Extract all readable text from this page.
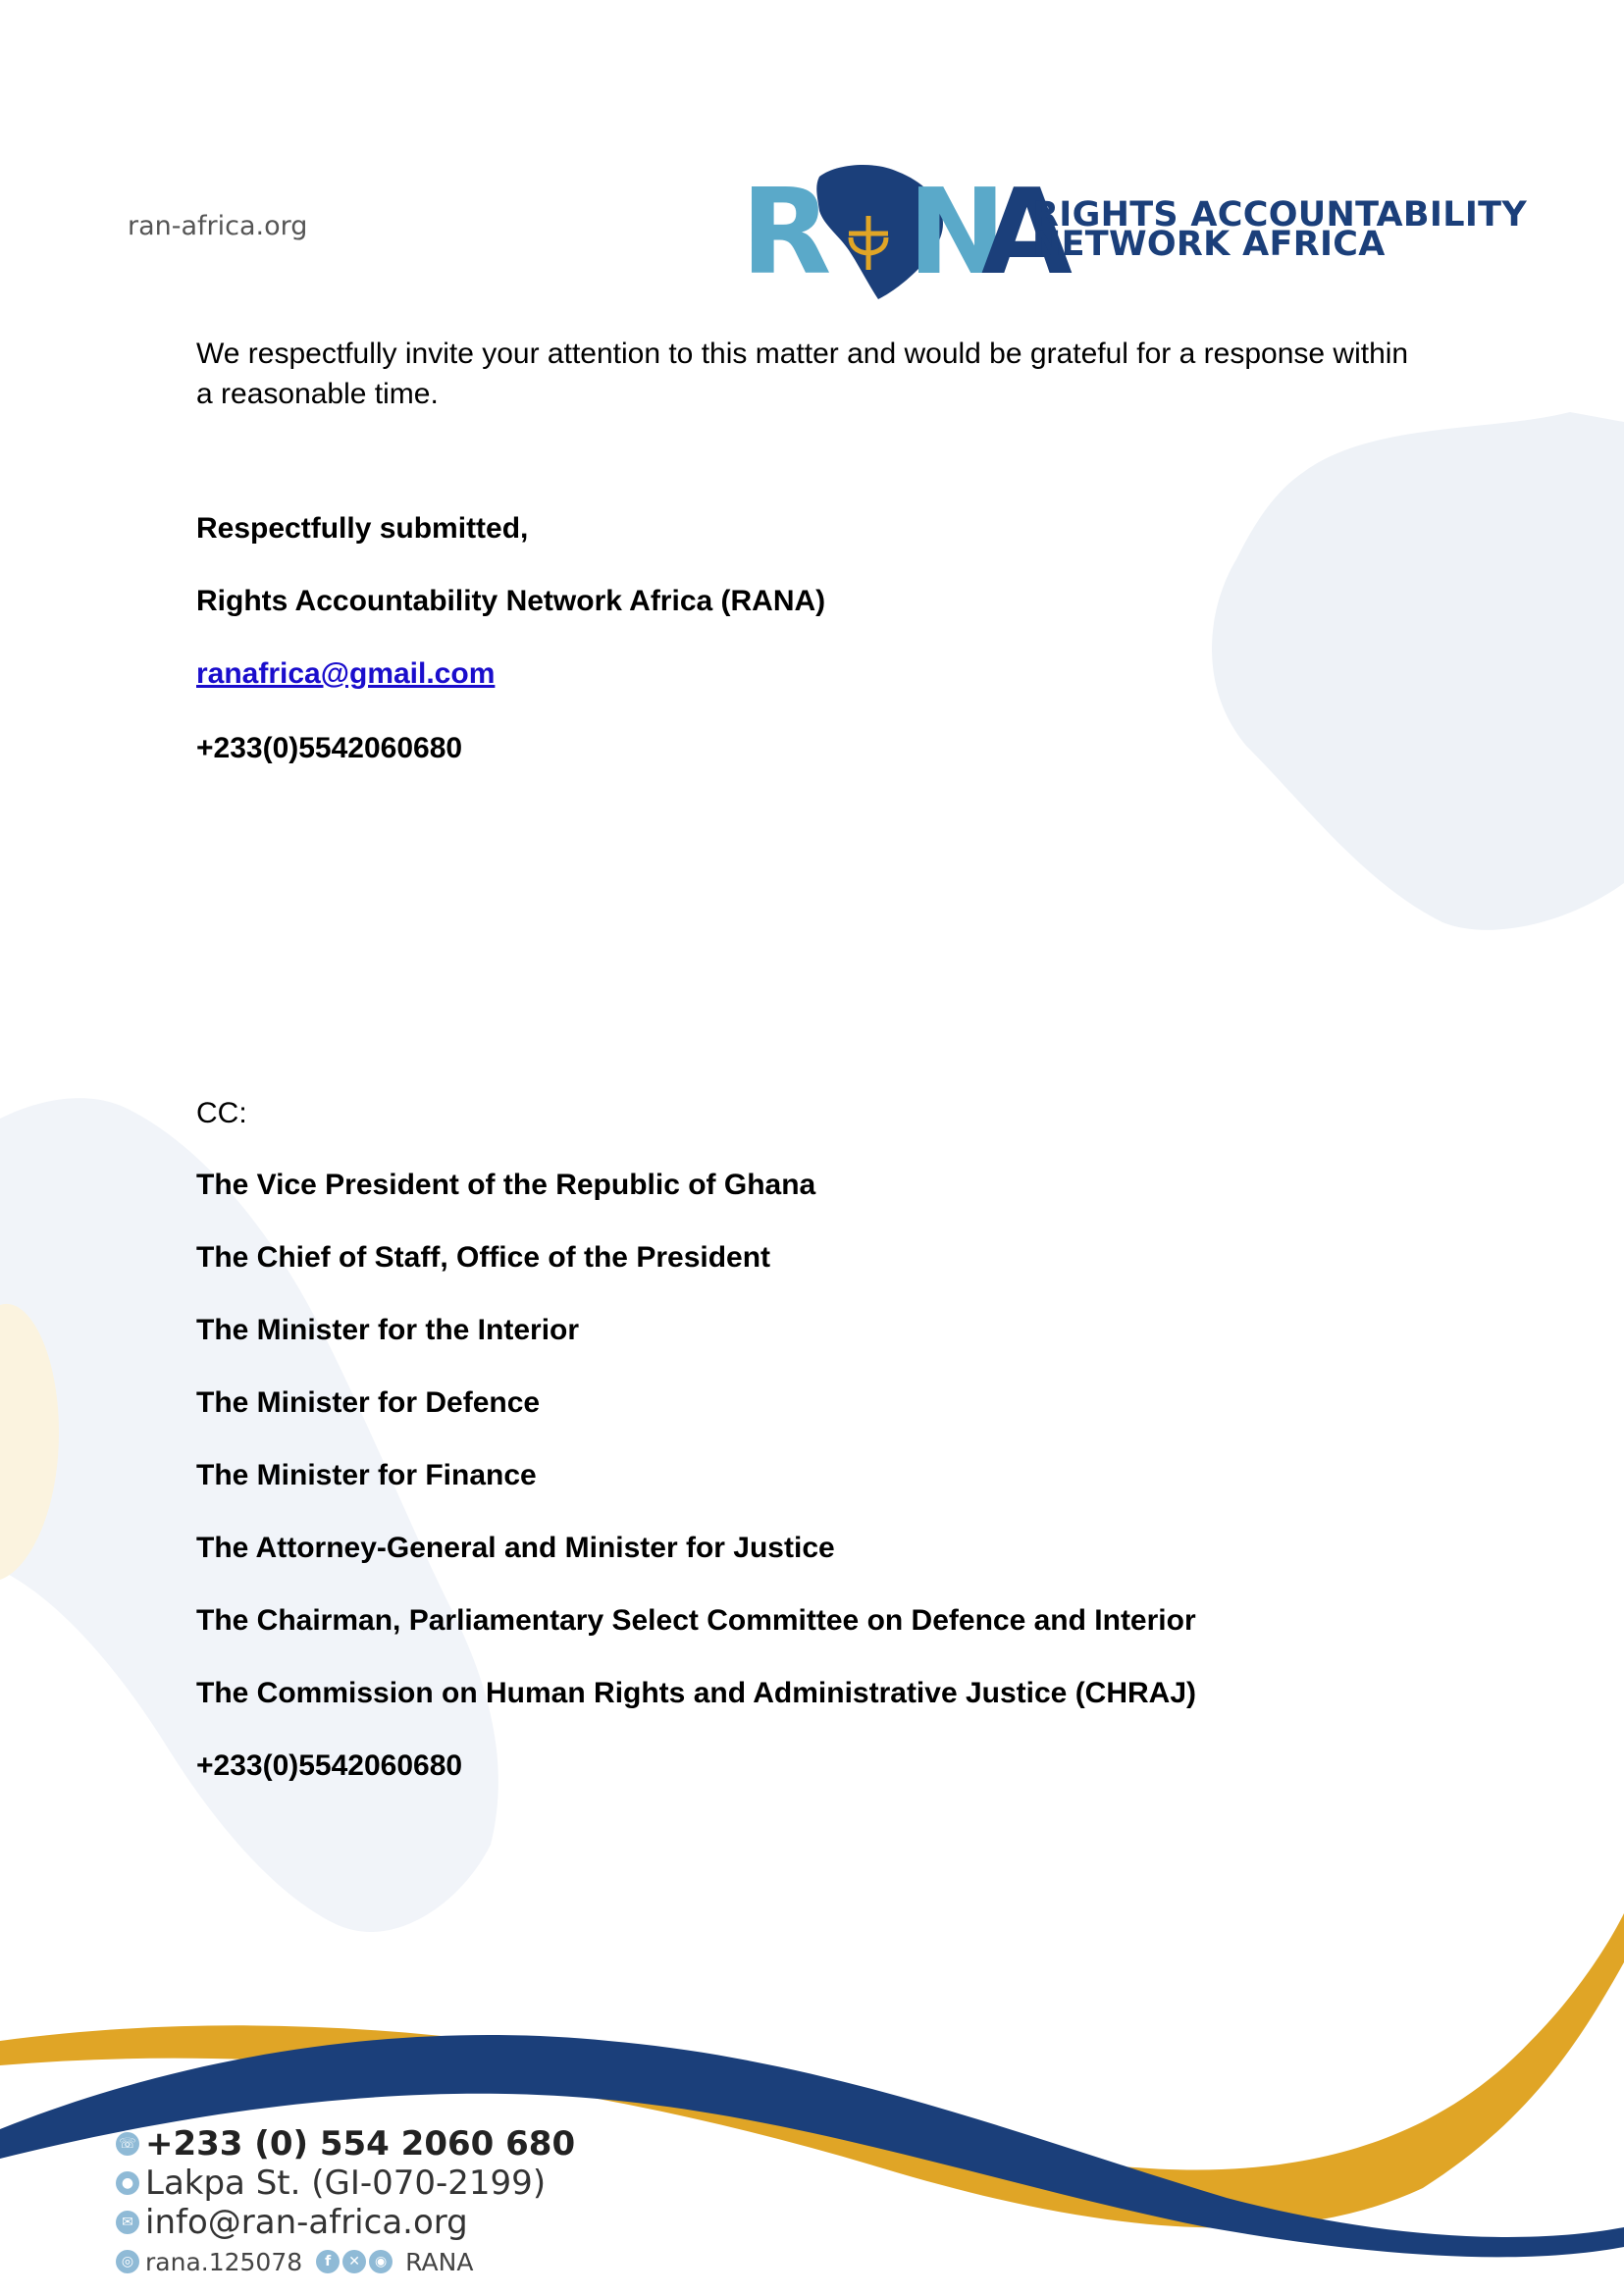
ran-africa.org	R N
A
RIGHTS ACCOUNTABILITY
NETWORK AFRICA

We respectfully invite your attention to this matter and would be grateful for a response within
a reasonable time.

Respectfully submitted,

Rights Accountability Network Africa (RANA)

ranafrica@gmail.com

+233(0)5542060680

CC:

The Vice President of the Republic of Ghana

The Chief of Staff, Office of the President

The Minister for the Interior

The Minister for Defence

The Minister for Finance

The Attorney-General and Minister for Justice

The Chairman, Parliamentary Select Committee on Defence and Interior

The Commission on Human Rights and Administrative Justice (CHRAJ)

+233(0)5542060680

☏ +233 (0) 554 2060 680
● Lakpa St. (GI-070-2199)
✉ info@ran-africa.org
◎ rana.125078	f	✕	◉ RANA
